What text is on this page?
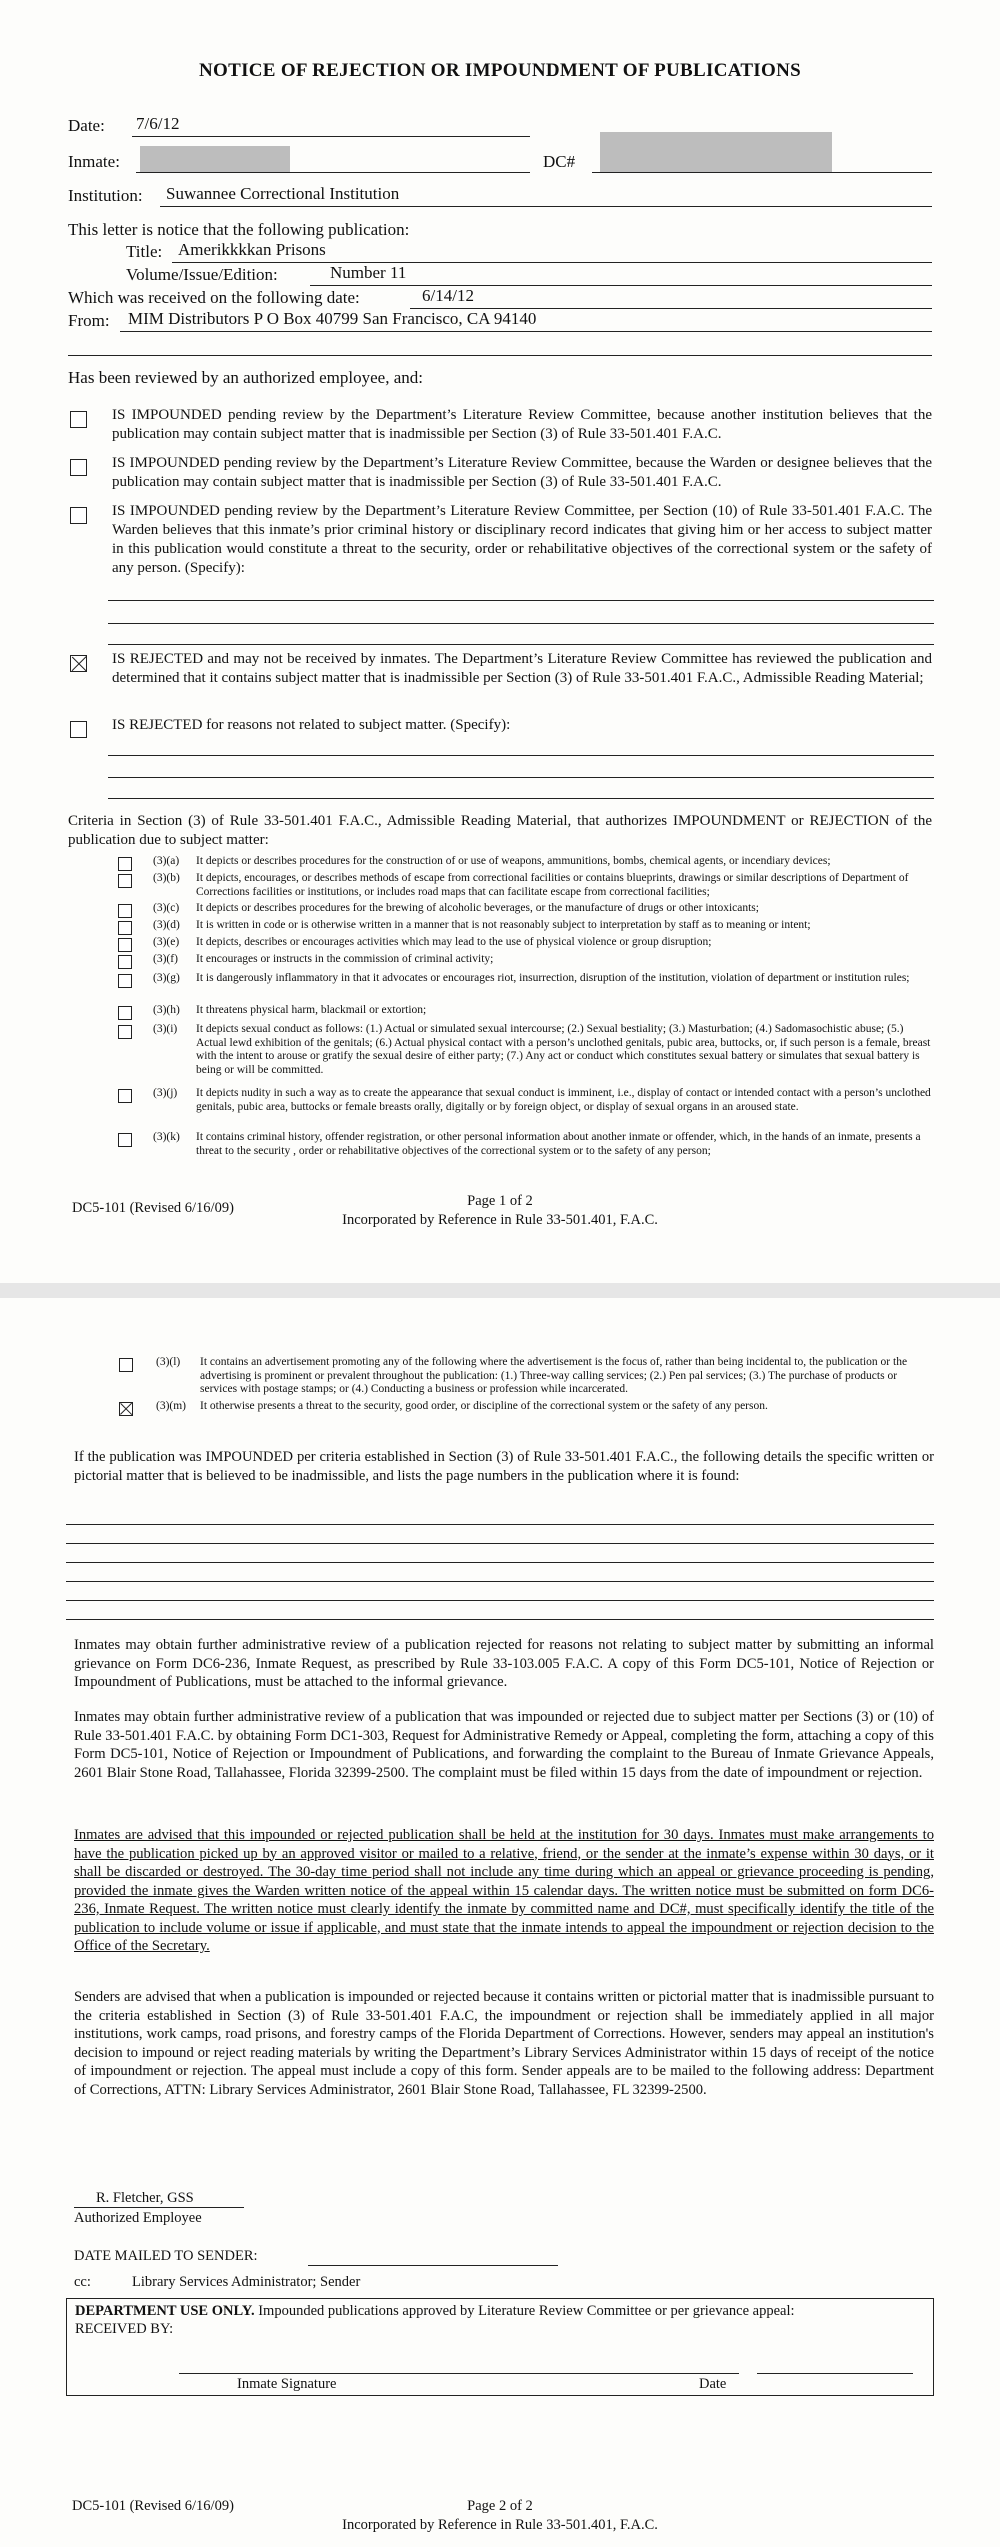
NOTICE OF REJECTION OR IMPOUNDMENT OF PUBLICATIONS
Date: 7/6/12
Inmate:	DC#
Institution: Suwannee Correctional Institution
This letter is notice that the following publication:
Title: Amerikkkkan Prisons
Volume/Issue/Edition:	Number 11
Which was received on the following date:	6/14/12
From: MIM Distributors P O Box 40799 San Francisco, CA 94140
Has been reviewed by an authorized employee, and:
IS IMPOUNDED pending review by the Department’s Literature Review Committee, because another institution believes that the publication may contain subject matter that is inadmissible per Section (3) of Rule 33-501.401 F.A.C.
IS IMPOUNDED pending review by the Department’s Literature Review Committee, because the Warden or designee believes that the publication may contain subject matter that is inadmissible per Section (3) of Rule 33-501.401 F.A.C.
IS IMPOUNDED pending review by the Department’s Literature Review Committee, per Section (10) of Rule 33-501.401 F.A.C. The Warden believes that this inmate’s prior criminal history or disciplinary record indicates that giving him or her access to subject matter in this publication would constitute a threat to the security, order or rehabilitative objectives of the correctional system or the safety of any person. (Specify):
IS REJECTED and may not be received by inmates. The Department’s Literature Review Committee has reviewed the publication and determined that it contains subject matter that is inadmissible per Section (3) of Rule 33-501.401 F.A.C., Admissible Reading Material;
IS REJECTED for reasons not related to subject matter. (Specify):
Criteria in Section (3) of Rule 33-501.401 F.A.C., Admissible Reading Material, that authorizes IMPOUNDMENT or REJECTION of the publication due to subject matter:
(3)(a) It depicts or describes procedures for the construction of or use of weapons, ammunitions, bombs, chemical agents, or incendiary devices;
(3)(b) It depicts, encourages, or describes methods of escape from correctional facilities or contains blueprints, drawings or similar descriptions of Department of Corrections facilities or institutions, or includes road maps that can facilitate escape from correctional facilities;
(3)(c) It depicts or describes procedures for the brewing of alcoholic beverages, or the manufacture of drugs or other intoxicants;
(3)(d) It is written in code or is otherwise written in a manner that is not reasonably subject to interpretation by staff as to meaning or intent;
(3)(e) It depicts, describes or encourages activities which may lead to the use of physical violence or group disruption;
(3)(f) It encourages or instructs in the commission of criminal activity;
(3)(g) It is dangerously inflammatory in that it advocates or encourages riot, insurrection, disruption of the institution, violation of department or institution rules;
(3)(h) It threatens physical harm, blackmail or extortion;
(3)(i) It depicts sexual conduct as follows: (1.) Actual or simulated sexual intercourse; (2.) Sexual bestiality; (3.) Masturbation; (4.) Sadomasochistic abuse; (5.) Actual lewd exhibition of the genitals; (6.) Actual physical contact with a person’s unclothed genitals, pubic area, buttocks, or, if such person is a female, breast with the intent to arouse or gratify the sexual desire of either party; (7.) Any act or conduct which constitutes sexual battery or simulates that sexual battery is being or will be committed.
(3)(j) It depicts nudity in such a way as to create the appearance that sexual conduct is imminent, i.e., display of contact or intended contact with a person’s unclothed genitals, pubic area, buttocks or female breasts orally, digitally or by foreign object, or display of sexual organs in an aroused state.
(3)(k) It contains criminal history, offender registration, or other personal information about another inmate or offender, which, in the hands of an inmate, presents a threat to the security , order or rehabilitative objectives of the correctional system or to the safety of any person;
DC5-101 (Revised 6/16/09)	Page 1 of 2
Incorporated by Reference in Rule 33-501.401, F.A.C.
(3)(l) It contains an advertisement promoting any of the following where the advertisement is the focus of, rather than being incidental to, the publication or the advertising is prominent or prevalent throughout the publication: (1.) Three-way calling services; (2.) Pen pal services; (3.) The purchase of products or services with postage stamps; or (4.) Conducting a business or profession while incarcerated.
(3)(m) It otherwise presents a threat to the security, good order, or discipline of the correctional system or the safety of any person.
If the publication was IMPOUNDED per criteria established in Section (3) of Rule 33-501.401 F.A.C., the following details the specific written or pictorial matter that is believed to be inadmissible, and lists the page numbers in the publication where it is found:
Inmates may obtain further administrative review of a publication rejected for reasons not relating to subject matter by submitting an informal grievance on Form DC6-236, Inmate Request, as prescribed by Rule 33-103.005 F.A.C. A copy of this Form DC5-101, Notice of Rejection or Impoundment of Publications, must be attached to the informal grievance.
Inmates may obtain further administrative review of a publication that was impounded or rejected due to subject matter per Sections (3) or (10) of Rule 33-501.401 F.A.C. by obtaining Form DC1-303, Request for Administrative Remedy or Appeal, completing the form, attaching a copy of this Form DC5-101, Notice of Rejection or Impoundment of Publications, and forwarding the complaint to the Bureau of Inmate Grievance Appeals, 2601 Blair Stone Road, Tallahassee, Florida 32399-2500. The complaint must be filed within 15 days from the date of impoundment or rejection.
Inmates are advised that this impounded or rejected publication shall be held at the institution for 30 days. Inmates must make arrangements to have the publication picked up by an approved visitor or mailed to a relative, friend, or the sender at the inmate’s expense within 30 days, or it shall be discarded or destroyed. The 30-day time period shall not include any time during which an appeal or grievance proceeding is pending, provided the inmate gives the Warden written notice of the appeal within 15 calendar days. The written notice must be submitted on form DC6-236, Inmate Request. The written notice must clearly identify the inmate by committed name and DC#, must specifically identify the title of the publication to include volume or issue if applicable, and must state that the inmate intends to appeal the impoundment or rejection decision to the Office of the Secretary.
Senders are advised that when a publication is impounded or rejected because it contains written or pictorial matter that is inadmissible pursuant to the criteria established in Section (3) of Rule 33-501.401 F.A.C, the impoundment or rejection shall be immediately applied in all major institutions, work camps, road prisons, and forestry camps of the Florida Department of Corrections. However, senders may appeal an institution's decision to impound or reject reading materials by writing the Department’s Library Services Administrator within 15 days of receipt of the notice of impoundment or rejection. The appeal must include a copy of this form. Sender appeals are to be mailed to the following address: Department of Corrections, ATTN: Library Services Administrator, 2601 Blair Stone Road, Tallahassee, FL 32399-2500.
R. Fletcher, GSS
Authorized Employee
DATE MAILED TO SENDER:
cc:	Library Services Administrator; Sender
DEPARTMENT USE ONLY. Impounded publications approved by Literature Review Committee or per grievance appeal:
RECEIVED BY:
Inmate Signature	Date
DC5-101 (Revised 6/16/09)	Page 2 of 2
Incorporated by Reference in Rule 33-501.401, F.A.C.
